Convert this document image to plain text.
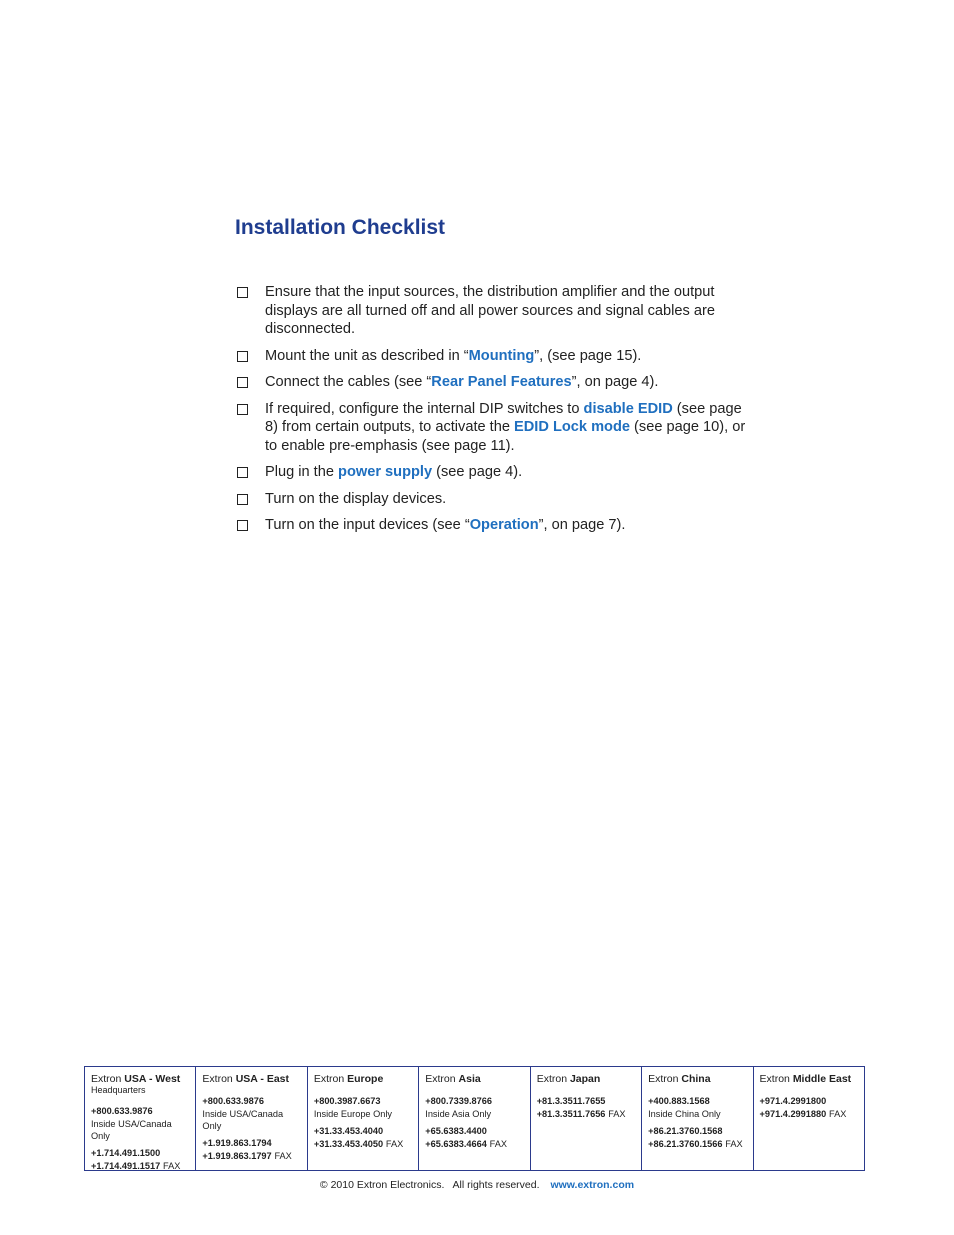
Installation Checklist
Ensure that the input sources, the distribution amplifier and the output displays are all turned off and all power sources and signal cables are disconnected.
Mount the unit as described in “Mounting”, (see page 15).
Connect the cables (see “Rear Panel Features”, on page 4).
If required, configure the internal DIP switches to disable EDID (see page 8) from certain outputs, to activate the EDID Lock mode (see page 10), or to enable pre-emphasis (see page 11).
Plug in the power supply (see page 4).
Turn on the display devices.
Turn on the input devices (see “Operation”, on page 7).
Extron USA - West
Headquarters
+800.633.9876
Inside USA/Canada Only
+1.714.491.1500
+1.714.491.1517 FAX
Extron USA - East
+800.633.9876
Inside USA/Canada Only
+1.919.863.1794
+1.919.863.1797 FAX
Extron Europe
+800.3987.6673
Inside Europe Only
+31.33.453.4040
+31.33.453.4050 FAX
Extron Asia
+800.7339.8766
Inside Asia Only
+65.6383.4400
+65.6383.4664 FAX
Extron Japan
+81.3.3511.7655
+81.3.3511.7656 FAX
Extron China
+400.883.1568
Inside China Only
+86.21.3760.1568
+86.21.3760.1566 FAX
Extron Middle East
+971.4.2991800
+971.4.2991880 FAX
© 2010 Extron Electronics.   All rights reserved. www.extron.com
